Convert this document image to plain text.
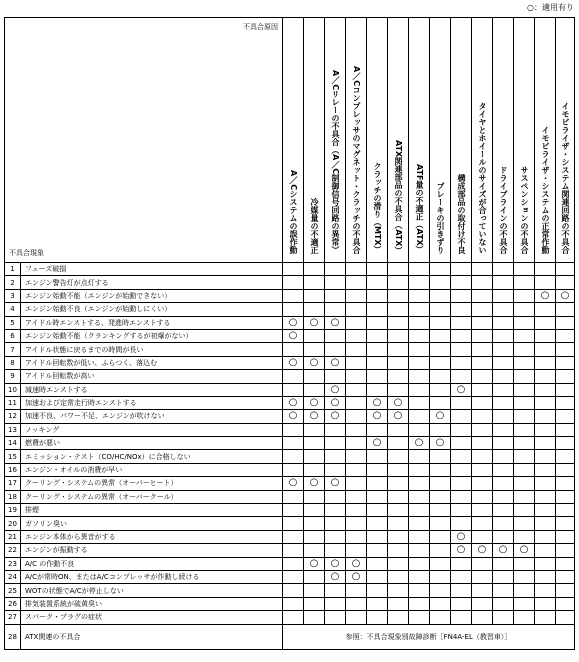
○：適用有り
不具合原因
不具合現象		A／Cシステムの誤作動	冷媒量の不適正	A／Cリレーの不具合（A／C制御信号回路の異常）	A／Cコンプレッサのマグネット・クラッチの不具合	クラッチの滑り（MTX）	ATX関連部品の不具合（ATX）	ATF量の不適正（ATX）	ブレーキの引きずり	構成部品の取付け不良	タイヤとホイールのサイズが合っていない	ドライブラインの不具合	サスペンションの不具合	イモビライザ・システムの正常作動	イモビライザ・システム関連回路の不具合
1	フューズ破損														
2	エンジン警告灯が点灯する														
3	エンジン始動不能（エンジンが始動できない）													○	○
4	エンジン始動不良（エンジンが始動しにくい）														
5	アイドル時エンストする、発進時エンストする	○	○	○											
6	エンジン始動不能（クランキングするが初爆がない）	○													
7	アイドル状態に戻るまでの時間が長い														
8	アイドル回転数が低い、ふらつく、落込む	○	○	○											
9	アイドル回転数が高い														
10	減速時エンストする			○						○					
11	加速および定常走行時エンストする	○	○	○		○	○								
12	加速不良、パワー不足、エンジンが吹けない	○	○	○		○	○		○						
13	ノッキング														
14	燃費が悪い					○		○	○						
15	エミッション・テスト（CO/HC/NOx）に合格しない														
16	エンジン・オイルの消費が早い														
17	クーリング・システムの異常（オーバーヒート）	○	○	○											
18	クーリング・システムの異常（オーバークール）														
19	排煙														
20	ガソリン臭い														
21	エンジン本体から異音がする									○					
22	エンジンが振動する									○	○	○	○		
23	A/C の作動不良		○	○	○										
24	A/Cが常時ON、またはA/Cコンプレッサが作動し続ける			○	○										
25	WOTの状態でA/Cが停止しない														
26	排気装置系統が硫黄臭い														
27	スパーク・プラグの症状														
28	ATX関連の不具合	参照：不具合現象別故障診断［FN4A-EL（教習車）］													
